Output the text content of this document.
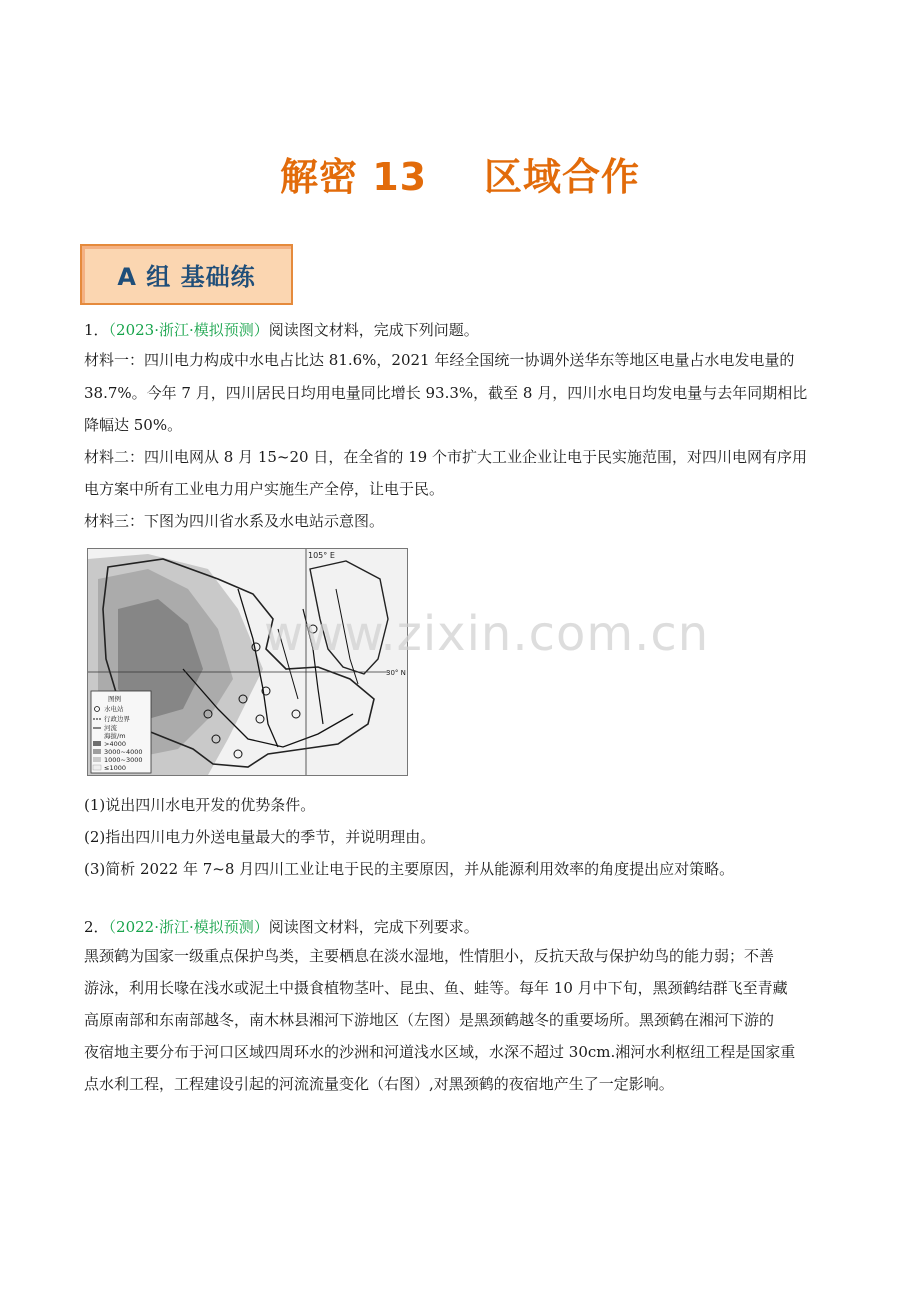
解密 13    区域合作
A 组 基础练
1．（2023·浙江·模拟预测）阅读图文材料，完成下列问题。
材料一：四川电力构成中水电占比达 81.6%，2021 年经全国统一协调外送华东等地区电量占水电发电量的
38.7%。今年 7 月，四川居民日均用电量同比增长 93.3%，截至 8 月，四川水电日均发电量与去年同期相比
降幅达 50%。
材料二：四川电网从 8 月 15~20 日，在全省的 19 个市扩大工业企业让电于民实施范围，对四川电网有序用
电方案中所有工业电力用户实施生产全停，让电于民。
材料三：下图为四川省水系及水电站示意图。
105° E
30° N
图例
水电站
行政边界
河流
海拔/m
>4000
3000~4000
1000~3000
≤1000
www.zixin.com.cn
(1)说出四川水电开发的优势条件。
(2)指出四川电力外送电量最大的季节，并说明理由。
(3)简析 2022 年 7~8 月四川工业让电于民的主要原因，并从能源利用效率的角度提出应对策略。
2．（2022·浙江·模拟预测）阅读图文材料，完成下列要求。
黑颈鹤为国家一级重点保护鸟类，主要栖息在淡水湿地，性情胆小，反抗天敌与保护幼鸟的能力弱；不善
游泳，利用长喙在浅水或泥土中摄食植物茎叶、昆虫、鱼、蛙等。每年 10 月中下旬，黑颈鹤结群飞至青藏
高原南部和东南部越冬，南木林县湘河下游地区（左图）是黑颈鹤越冬的重要场所。黑颈鹤在湘河下游的
夜宿地主要分布于河口区域四周环水的沙洲和河道浅水区域，水深不超过 30cm.湘河水利枢纽工程是国家重
点水利工程，工程建设引起的河流流量变化（右图）,对黑颈鹤的夜宿地产生了一定影响。
